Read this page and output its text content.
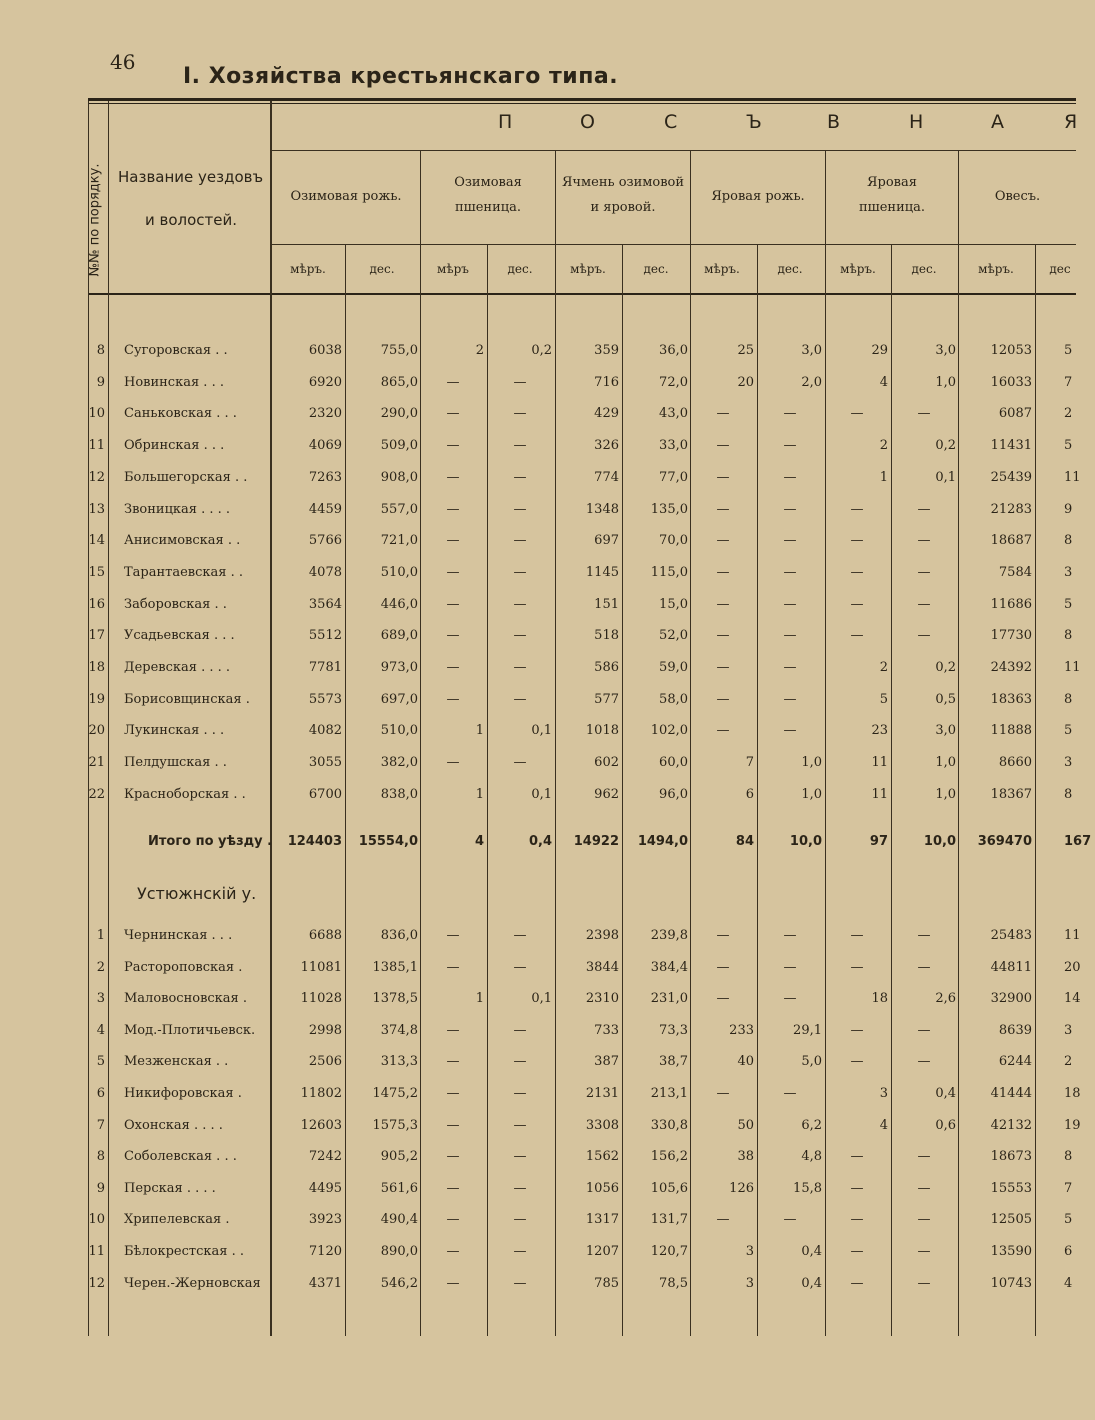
46
I. Хозяйства крестьянскаго типа.
№№ по порядку. Название уездовъ
и волостей.
П	О	С	Ъ	В	Н	А	Я
Озимовая рожь.
Озимовая
пшеница.
Ячмень озимовой
и яровой.
Яровая рожь.
Яровая
пшеница.
Овесъ.
мѣръ.	дес.	мѣръ	дес.	мѣръ.	дес.	мѣръ.	дес.	мѣръ.	дес.	мѣръ.	дес
8 Сугоровская . .	6038	755,0	2	0,2	359	36,0	25	3,0	29	3,0	12053 5
9 Новинская . . .	6920	865,0	—	—	716	72,0	20	2,0	4	1,0	16033 7
10 Саньковская . . .	2320	290,0	—	—	429	43,0	—	—	—	—	6087 2
11 Обринская . . .	4069	509,0	—	—	326	33,0	—	—	2	0,2	11431 5
12 Большегорская . .	7263	908,0	—	—	774	77,0	—	—	1	0,1	25439 11
13 Звоницкая . . . .	4459	557,0	—	—	1348	135,0	—	—	—	—	21283 9
14 Анисимовская . .	5766	721,0	—	—	697	70,0	—	—	—	—	18687 8
15 Тарантаевская . .	4078	510,0	—	—	1145	115,0	—	—	—	—	7584 3
16 Заборовская . .	3564	446,0	—	—	151	15,0	—	—	—	—	11686 5
17 Усадьевская . . .	5512	689,0	—	—	518	52,0	—	—	—	—	17730 8
18 Деревская . . . .	7781	973,0	—	—	586	59,0	—	—	2	0,2	24392 11
19 Борисовщинская .	5573	697,0	—	—	577	58,0	—	—	5	0,5	18363 8
20 Лукинская . . .	4082	510,0	1	0,1	1018	102,0	—	—	23	3,0	11888 5
21 Пелдушская . .	3055	382,0	—	—	602	60,0	7	1,0	11	1,0	8660 3
22 Красноборская . .	6700	838,0	1	0,1	962	96,0	6	1,0	11	1,0	18367 8
Итого по уѣзду .	124403	15554,0	4	0,4	14922	1494,0	84	10,0	97	10,0	369470 167
Устюжнскій у.
1 Чернинская . . .	6688	836,0	—	—	2398	239,8	—	—	—	—	25483 11
2 Растороповская .	11081	1385,1	—	—	3844	384,4	—	—	—	—	44811 20
3 Маловосновская .	11028	1378,5	1	0,1	2310	231,0	—	—	18	2,6	32900 14
4 Мод.-Плотичьевск.	2998	374,8	—	—	733	73,3	233	29,1	—	—	8639 3
5 Мезженская . .	2506	313,3	—	—	387	38,7	40	5,0	—	—	6244 2
6 Никифоровская .	11802	1475,2	—	—	2131	213,1	—	—	3	0,4	41444 18
7 Охонская . . . .	12603	1575,3	—	—	3308	330,8	50	6,2	4	0,6	42132 19
8 Соболевская . . .	7242	905,2	—	—	1562	156,2	38	4,8	—	—	18673 8
9 Перская . . . .	4495	561,6	—	—	1056	105,6	126	15,8	—	—	15553 7
10 Хрипелевская .	3923	490,4	—	—	1317	131,7	—	—	—	—	12505 5
11 Бѣлокрестская . .	7120	890,0	—	—	1207	120,7	3	0,4	—	—	13590 6
12 Черен.-Жерновская	4371	546,2	—	—	785	78,5	3	0,4	—	—	10743 4
